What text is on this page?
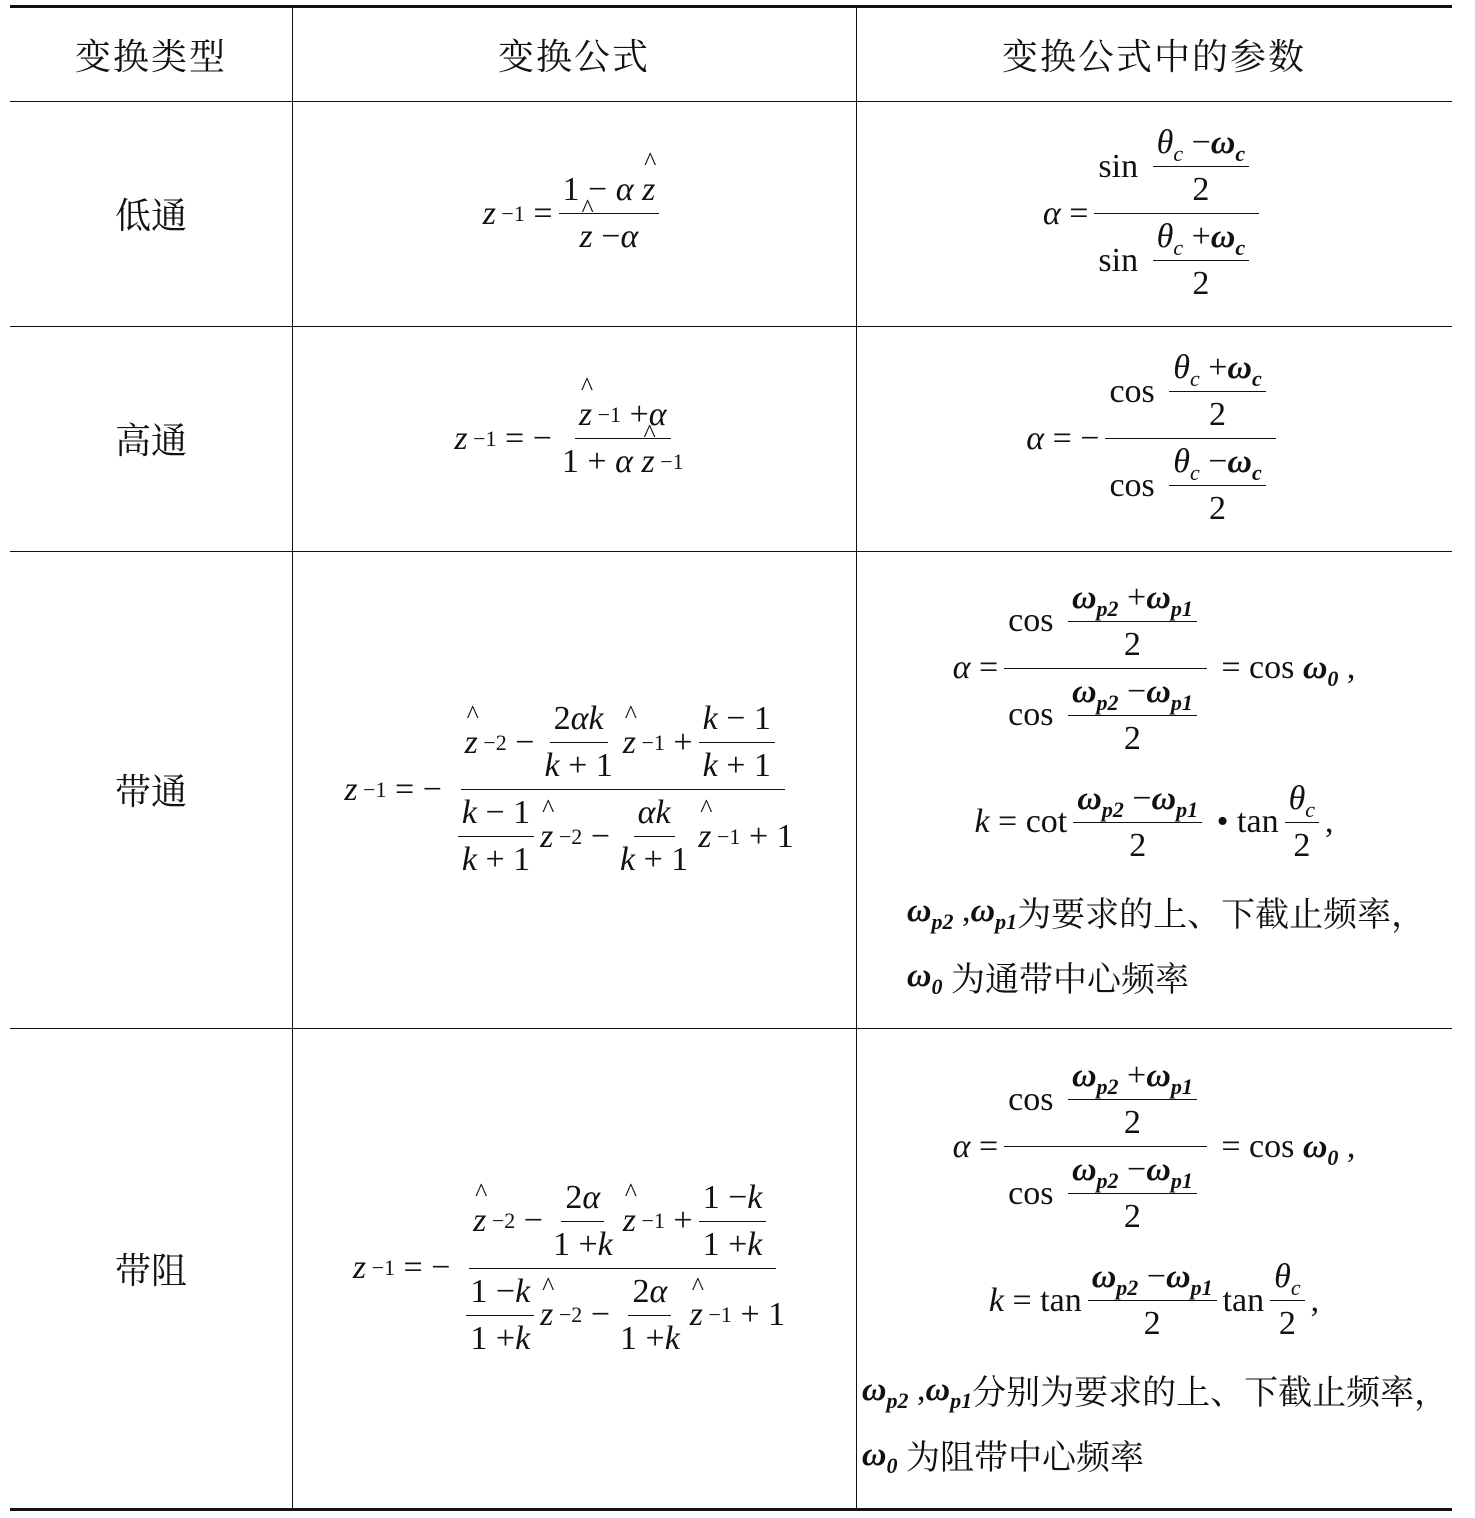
变换类型	变换公式	变换公式中的参数
低通	z −1 = 1 − α
^ z
^ z − α	$\alpha = \frac{\sin \frac{\theta_c - \omega_c}{2}}{\sin \frac{\theta_c + \omega_c}{2}}$
高通	z −1 = −
^ z −1 + α
1 + α
^ z −1	α = − $\frac{\cos \frac{\theta_c + \omega_c}{2}}{\cos \frac{\theta_c - \omega_c}{2}}$
带通	z −1 = −
^ $z -2 - \frac{2 \alpha k}{k + 1}$
^ $z -1 + \frac{k - 1}{k + 1}$
$\frac{k - 1}{k + 1}$
^ $z -2 - \frac{\alpha k}{k + 1}$
^ z −1 + 1
$\alpha = \frac{\cos \frac{\omega_{p2} + \omega_{p1}}{2}}{\cos \frac{\omega_{p2} - \omega_{p1}}{2}} = \cos \omega_0$ ,
$k = \cot \frac{\omega_{p2} - \omega_{p1}}{2}$ • $\tan \frac{\theta_c}{2}$ ,
$\omega_{p2}$ , $\omega_{p1}$ 为要求的上、下截止频率，
$\omega_0$
为通带中心频率
带阻	z −1 = −
^ $z -2 - \frac{2 \alpha}{1 + k}$
^ $z -1 + \frac{1 - k}{1 + k}$
$\frac{1 - k}{1 + k}$
^ $z -2 - \frac{2 \alpha}{1 + k}$
^ z −1 + 1
$\alpha = \frac{\cos \frac{\omega_{p2} + \omega_{p1}}{2}}{\cos \frac{\omega_{p2} - \omega_{p1}}{2}} = \cos \omega_0$ ,
$k = \tan \frac{\omega_{p2} - \omega_{p1}}{2}$ $\tan \frac{\theta_c}{2}$ ,
$\omega_{p2}$ , $\omega_{p1}$ 分别为要求的上、下截止频率，
$\omega_0$
为阻带中心频率
